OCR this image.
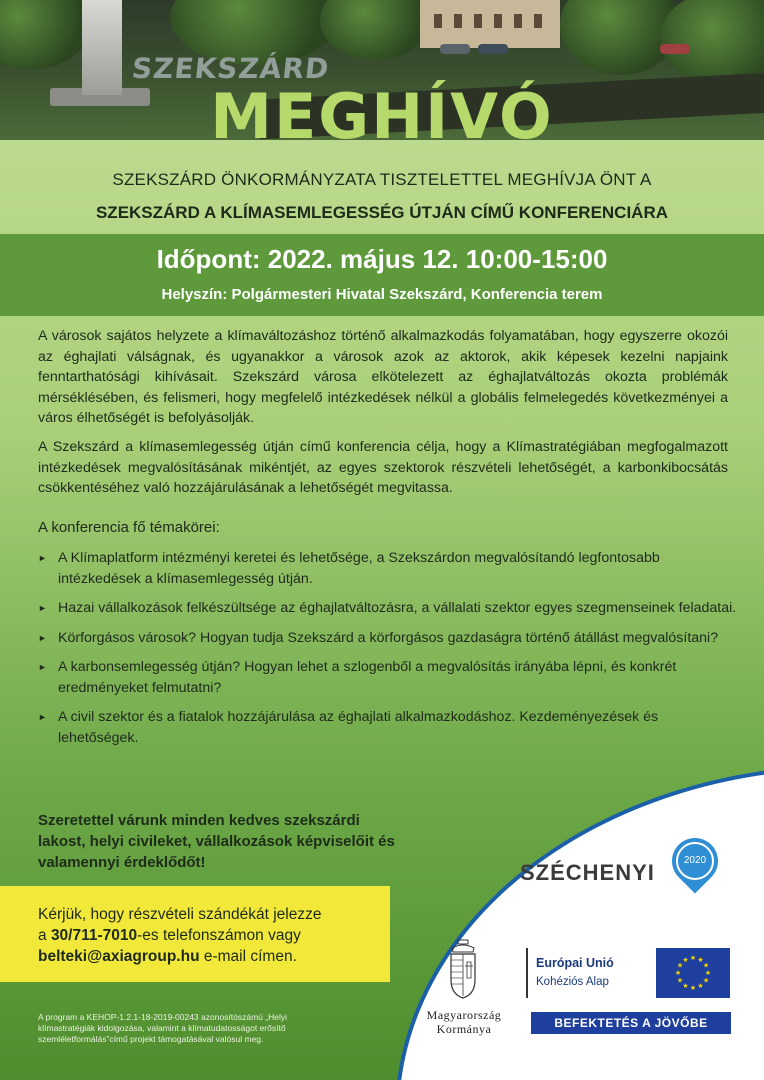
SZEKSZÁRD
MEGHÍVÓ
SZEKSZÁRD ÖNKORMÁNYZATA TISZTELETTEL MEGHÍVJA ÖNT A
SZEKSZÁRD A KLÍMASEMLEGESSÉG ÚTJÁN CÍMŰ KONFERENCIÁRA
Időpont: 2022. május 12. 10:00-15:00
Helyszín: Polgármesteri Hivatal Szekszárd, Konferencia terem

A városok sajátos helyzete a klímaváltozáshoz történő alkalmazkodás folyamatában, hogy egyszerre okozói az éghajlati válságnak, és ugyanakkor a városok azok az aktorok, akik képesek kezelni napjaink fenntarthatósági kihívásait. Szekszárd városa elkötelezett az éghajlatváltozás okozta problémák mérséklésében, és felismeri, hogy megfelelő intézkedések nélkül a globális felmelegedés következményei a város élhetőségét is befolyásolják.

A Szekszárd a klímasemlegesség útján című konferencia célja, hogy a Klímastratégiában megfogalmazott intézkedések megvalósításának mikéntjét, az egyes szektorok részvételi lehetőségét, a karbonkibocsátás csökkentéséhez való hozzájárulásának a lehetőségét megvitassa.

A konferencia fő témakörei:
► A Klímaplatform intézményi keretei és lehetősége, a Szekszárdon megvalósítandó legfontosabb intézkedések a klímasemlegesség útján.
► Hazai vállalkozások felkészültsége az éghajlatváltozásra, a vállalati szektor egyes szegmenseinek feladatai.
► Körforgásos városok? Hogyan tudja Szekszárd a körforgásos gazdaságra történő átállást megvalósítani?
► A karbonsemlegesség útján? Hogyan lehet a szlogenből a megvalósítás irányába lépni, és konkrét eredményeket felmutatni?
► A civil szektor és a fiatalok hozzájárulása az éghajlati alkalmazkodáshoz. Kezdeményezések és lehetőségek.
Szeretettel várunk minden kedves szekszárdi lakost, helyi civileket, vállalkozások képviselőit és valamennyi érdeklődőt!
Kérjük, hogy részvételi szándékát jelezze
a 30/711-7010-es telefonszámon vagy
belteki@axiagroup.hu e-mail címen.
A program a KEHOP-1.2.1-18-2019-00243 azonosítószámú „Helyi klímastratégiák kidolgozása, valamint a klímatudatosságot erősítő szemléletformálás”című projekt támogatásával valósul meg.
SZÉCHENYI	2020
Magyarország
Kormánya
Európai Unió
Kohéziós Alap
★ ★
★
★
★
★
★
★
★
★
★
★
BEFEKTETÉS A JÖVŐBE
